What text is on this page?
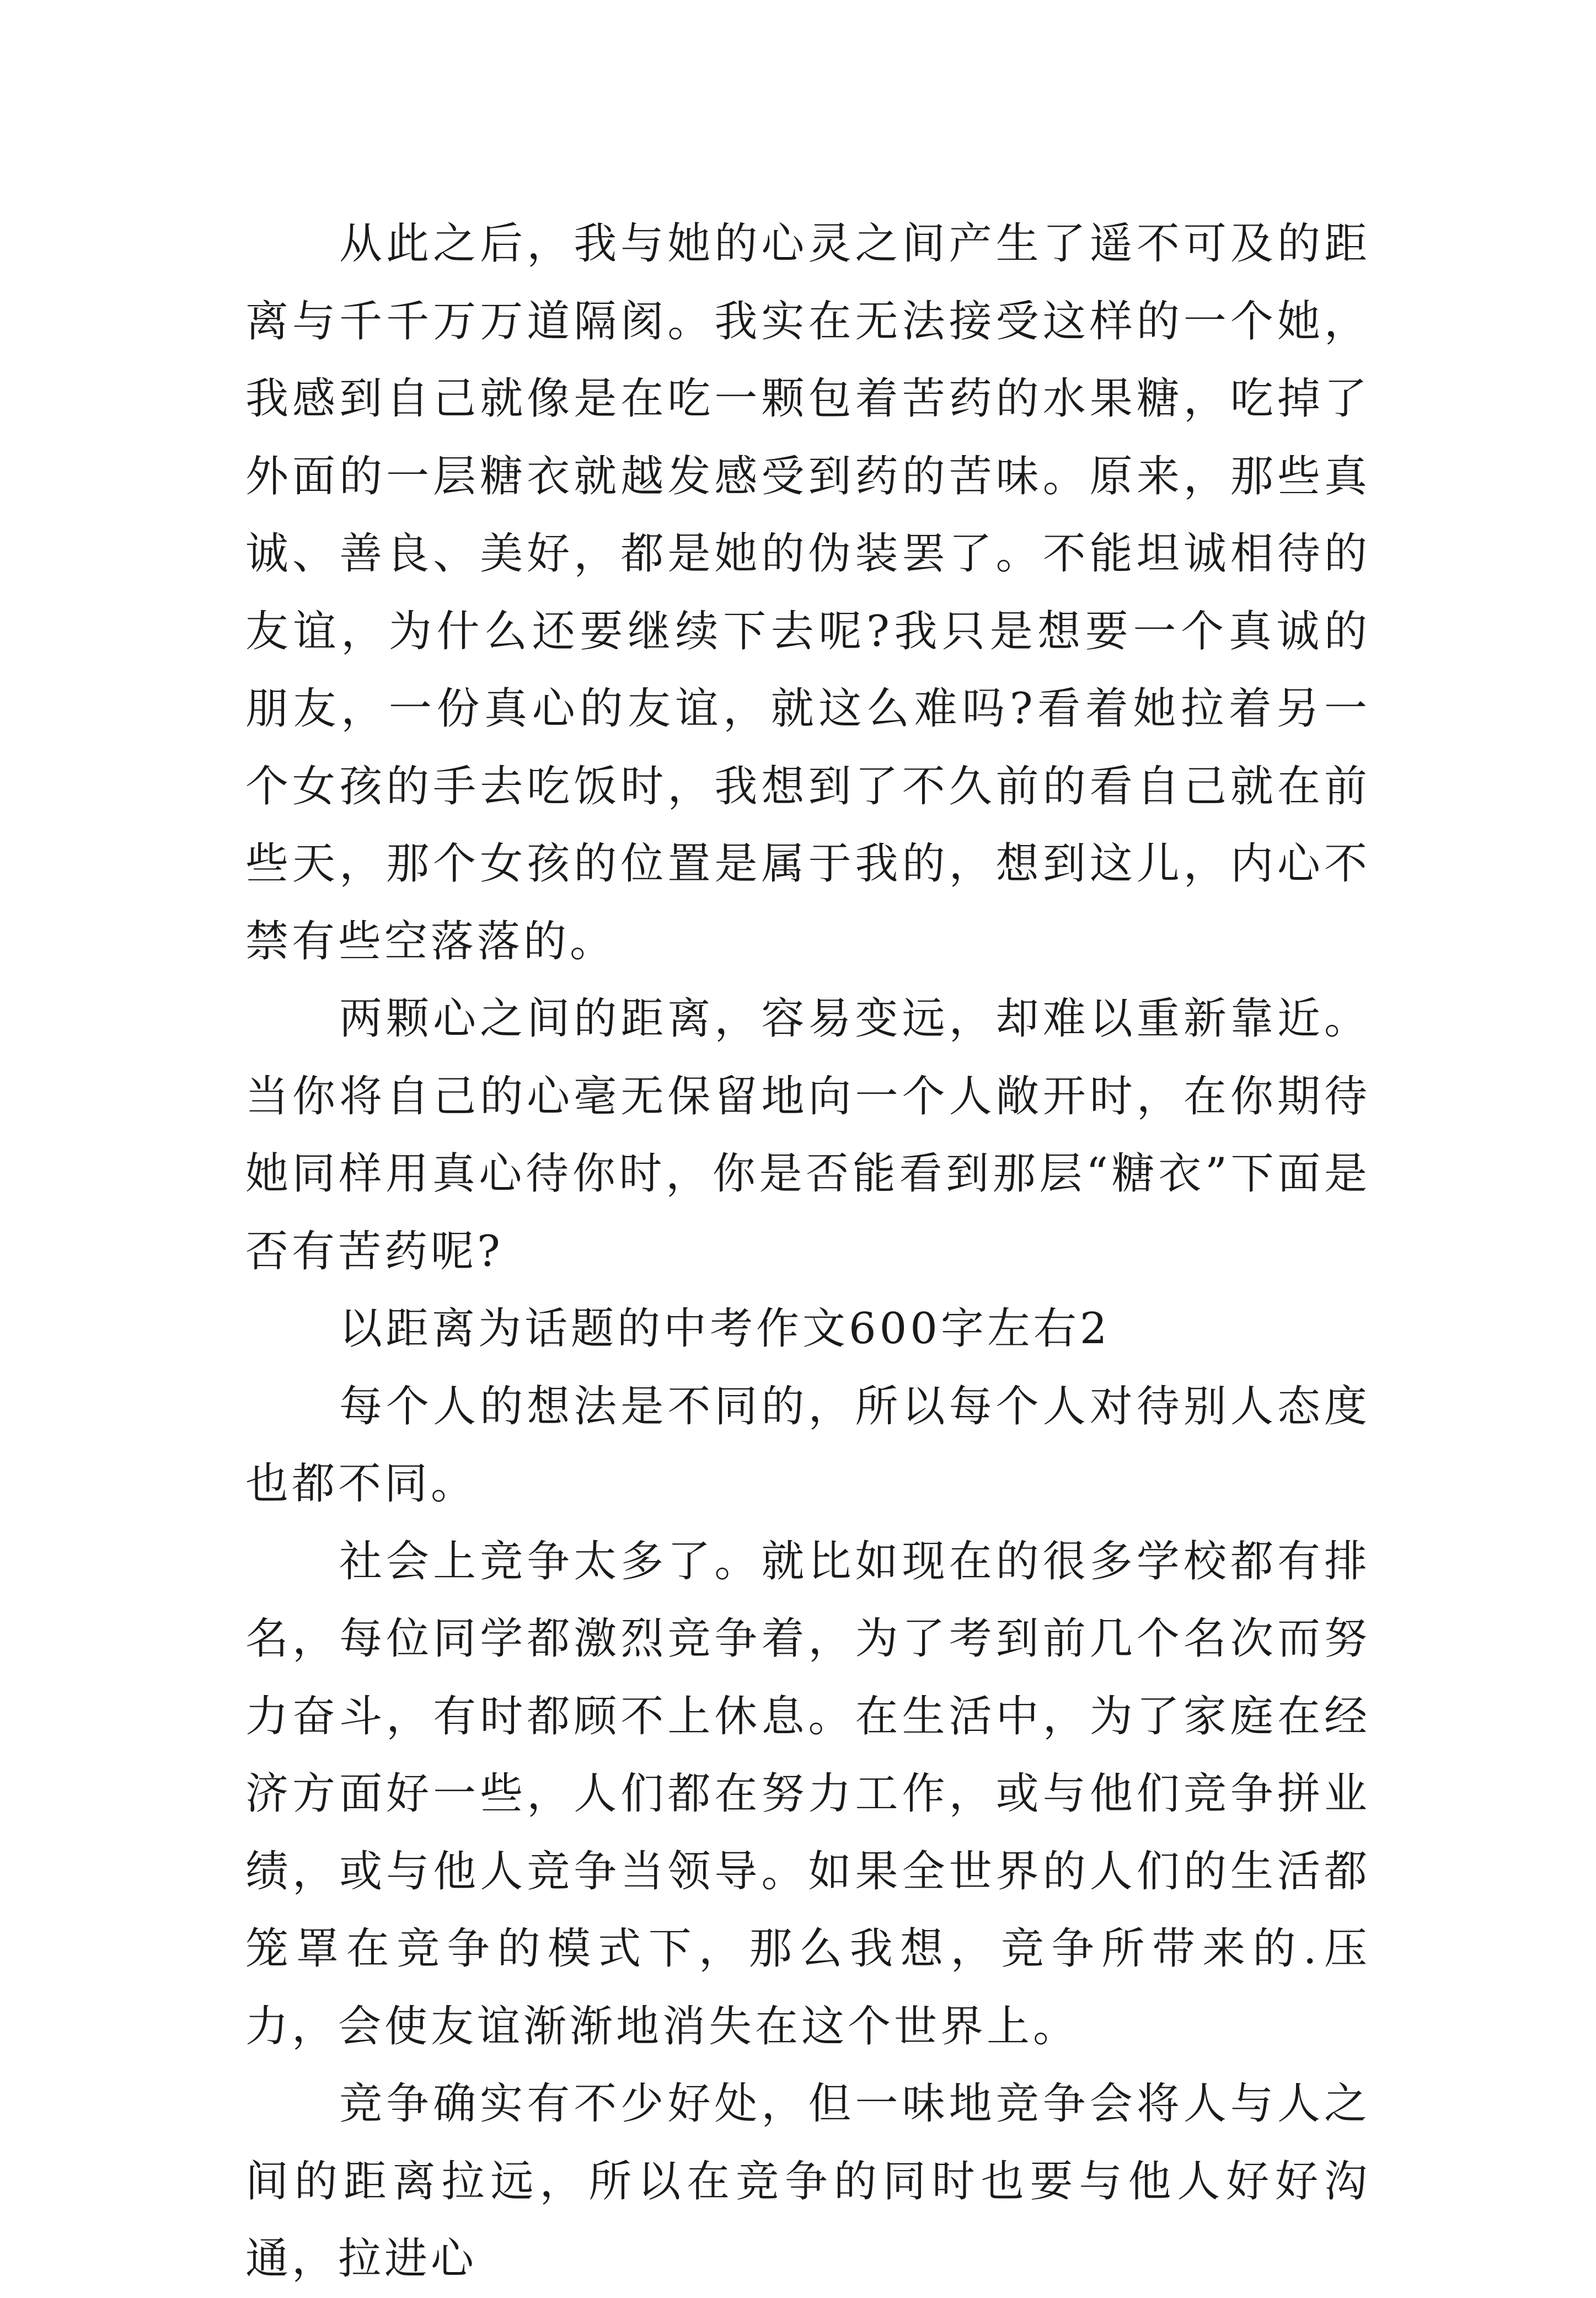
从此之后，我与她的心灵之间产生了遥不可及的距离与千千万万道隔阂。我实在无法接受这样的一个她，我感到自己就像是在吃一颗包着苦药的水果糖，吃掉了外面的一层糖衣就越发感受到药的苦味。原来，那些真诚、善良、美好，都是她的伪装罢了。不能坦诚相待的友谊，为什么还要继续下去呢?我只是想要一个真诚的朋友，一份真心的友谊，就这么难吗?看着她拉着另一个女孩的手去吃饭时，我想到了不久前的看自己就在前些天，那个女孩的位置是属于我的，想到这儿，内心不禁有些空落落的。

两颗心之间的距离，容易变远，却难以重新靠近。当你将自己的心毫无保留地向一个人敞开时，在你期待她同样用真心待你时，你是否能看到那层“糖衣”下面是否有苦药呢?

以距离为话题的中考作文600字左右2

每个人的想法是不同的，所以每个人对待别人态度也都不同。

社会上竞争太多了。就比如现在的很多学校都有排名，每位同学都激烈竞争着，为了考到前几个名次而努力奋斗，有时都顾不上休息。在生活中，为了家庭在经济方面好一些，人们都在努力工作，或与他们竞争拼业绩，或与他人竞争当领导。如果全世界的人们的生活都笼罩在竞争的模式下，那么我想，竞争所带来的.压力，会使友谊渐渐地消失在这个世界上。

竞争确实有不少好处，但一味地竞争会将人与人之间的距离拉远，所以在竞争的同时也要与他人好好沟通，拉进心
